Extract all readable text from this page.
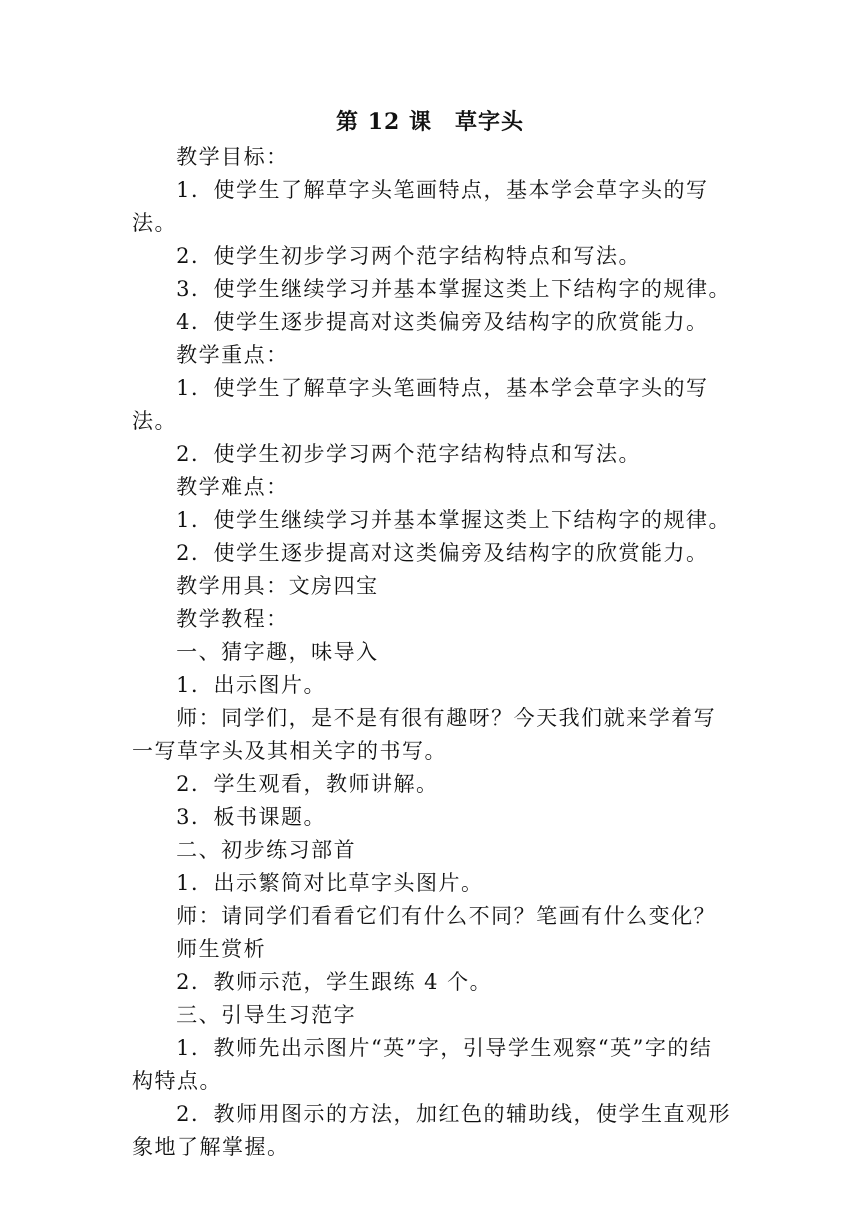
第 12 课　草字头

教学目标：

1．使学生了解草字头笔画特点，基本学会草字头的写法。

2．使学生初步学习两个范字结构特点和写法。

3．使学生继续学习并基本掌握这类上下结构字的规律。

4．使学生逐步提高对这类偏旁及结构字的欣赏能力。

教学重点：

1．使学生了解草字头笔画特点，基本学会草字头的写法。

2．使学生初步学习两个范字结构特点和写法。

教学难点：

1．使学生继续学习并基本掌握这类上下结构字的规律。

2．使学生逐步提高对这类偏旁及结构字的欣赏能力。

教学用具：文房四宝

教学教程：

一、猜字趣，味导入

1．出示图片。

师：同学们，是不是有很有趣呀？今天我们就来学着写一写草字头及其相关字的书写。

2．学生观看，教师讲解。

3．板书课题。

二、初步练习部首

1．出示繁简对比草字头图片。

师：请同学们看看它们有什么不同？笔画有什么变化？

师生赏析

2．教师示范，学生跟练 4 个。

三、引导生习范字

1．教师先出示图片“英”字，引导学生观察“英”字的结构特点。

2．教师用图示的方法，加红色的辅助线，使学生直观形象地了解掌握。
